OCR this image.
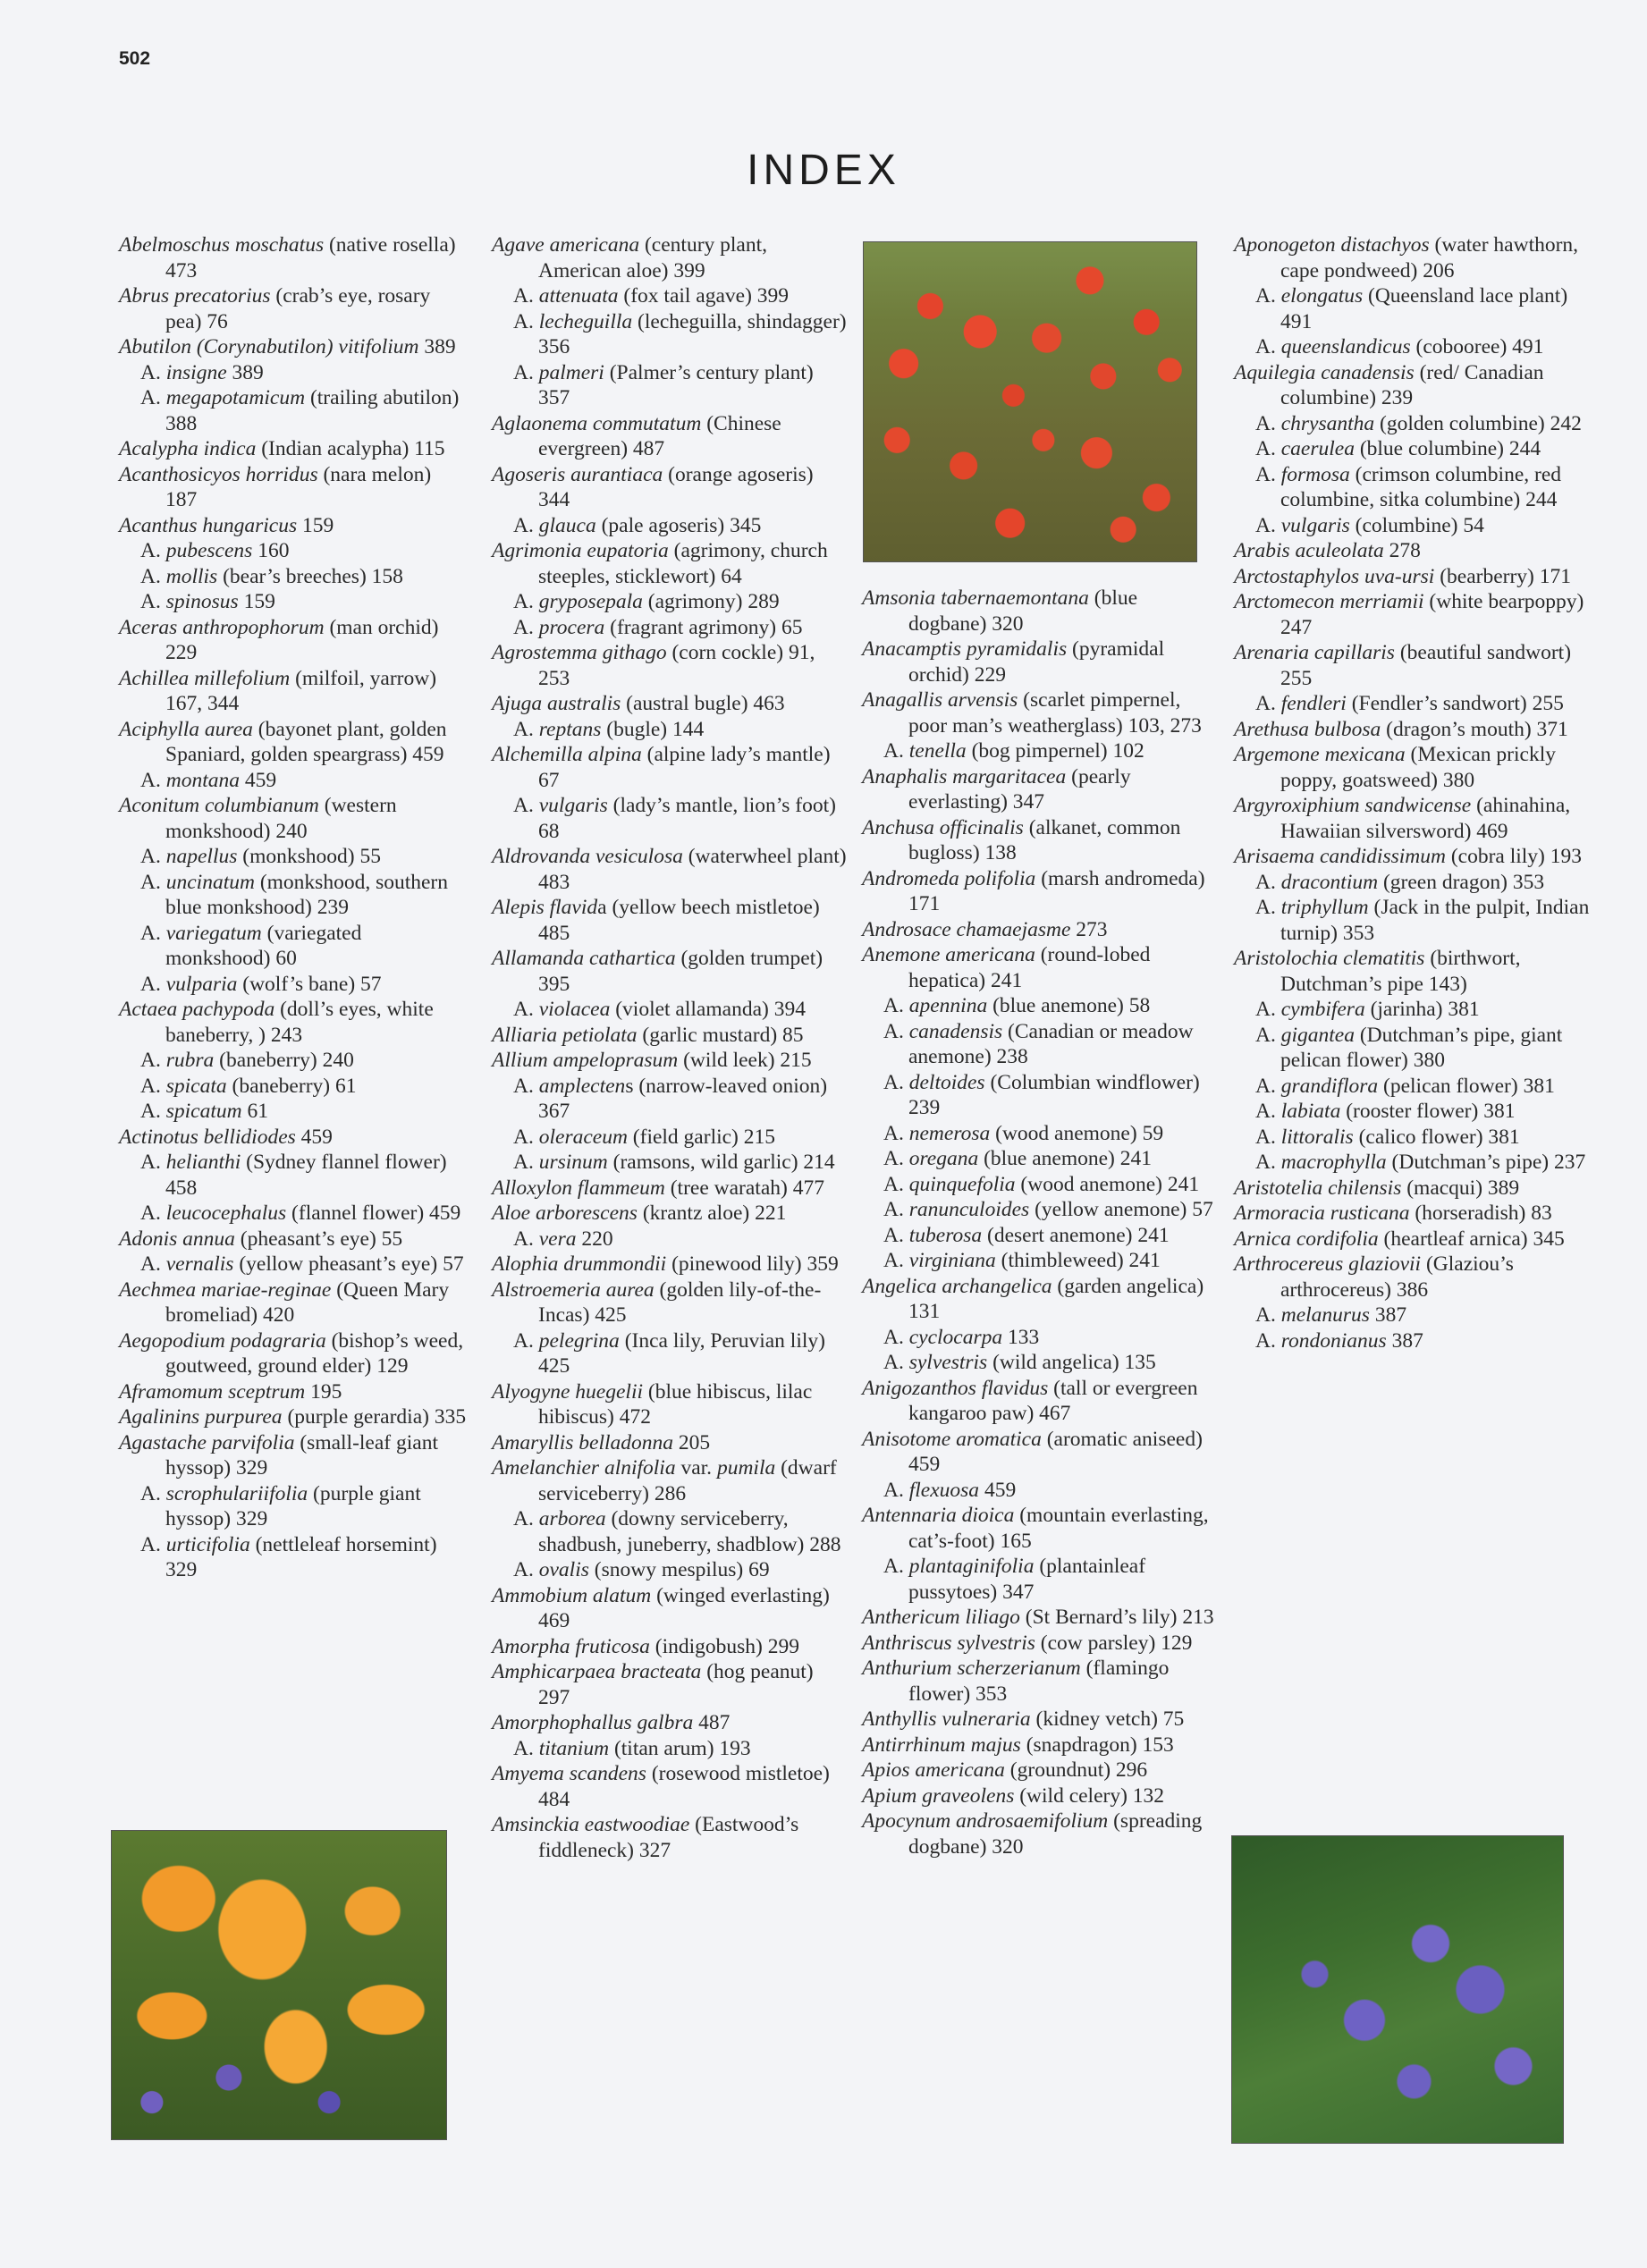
502
INDEX
Abelmoschus moschatus (native rosella) 473
Abrus precatorius (crab’s eye, rosary pea) 76
Abutilon (Corynabutilon) vitifolium 389
A. insigne 389
A. megapotamicum (trailing abutilon) 388
Acalypha indica (Indian acalypha) 115
Acanthosicyos horridus (nara melon) 187
Acanthus hungaricus 159
A. pubescens 160
A. mollis (bear’s breeches) 158
A. spinosus 159
Aceras anthropophorum (man orchid) 229
Achillea millefolium (milfoil, yarrow) 167, 344
Aciphylla aurea (bayonet plant, golden Spaniard, golden speargrass) 459
A. montana 459
Aconitum columbianum (western monkshood) 240
A. napellus (monkshood) 55
A. uncinatum (monkshood, southern blue monkshood) 239
A. variegatum (variegated monkshood) 60
A. vulparia (wolf’s bane) 57
Actaea pachypoda (doll’s eyes, white baneberry, ) 243
A. rubra (baneberry) 240
A. spicata (baneberry) 61
A. spicatum 61
Actinotus bellidiodes 459
A. helianthi (Sydney flannel flower) 458
A. leucocephalus (flannel flower) 459
Adonis annua (pheasant’s eye) 55
A. vernalis (yellow pheasant’s eye) 57
Aechmea mariae-reginae (Queen Mary bromeliad) 420
Aegopodium podagraria (bishop’s weed, goutweed, ground elder) 129
Aframomum sceptrum 195
Agalinins purpurea (purple gerardia) 335
Agastache parvifolia (small-leaf giant hyssop) 329
A. scrophulariifolia (purple giant hyssop) 329
A. urticifolia (nettleleaf horsemint) 329
Agave americana (century plant, American aloe) 399
A. attenuata (fox tail agave) 399
A. lecheguilla (lecheguilla, shindagger) 356
A. palmeri (Palmer’s century plant) 357
Aglaonema commutatum (Chinese evergreen) 487
Agoseris aurantiaca (orange agoseris) 344
A. glauca (pale agoseris) 345
Agrimonia eupatoria (agrimony, church steeples, sticklewort) 64
A. gryposepala (agrimony) 289
A. procera (fragrant agrimony) 65
Agrostemma githago (corn cockle) 91, 253
Ajuga australis (austral bugle) 463
A. reptans (bugle) 144
Alchemilla alpina (alpine lady’s mantle) 67
A. vulgaris (lady’s mantle, lion’s foot) 68
Aldrovanda vesiculosa (waterwheel plant) 483
Alepis flavida (yellow beech mistletoe) 485
Allamanda cathartica (golden trumpet) 395
A. violacea (violet allamanda) 394
Alliaria petiolata (garlic mustard) 85
Allium ampeloprasum (wild leek) 215
A. amplectens (narrow-leaved onion) 367
A. oleraceum (field garlic) 215
A. ursinum (ramsons, wild garlic) 214
Alloxylon flammeum (tree waratah) 477
Aloe arborescens (krantz aloe) 221
A. vera 220
Alophia drummondii (pinewood lily) 359
Alstroemeria aurea (golden lily-of-the-Incas) 425
A. pelegrina (Inca lily, Peruvian lily) 425
Alyogyne huegelii (blue hibiscus, lilac hibiscus) 472
Amaryllis belladonna 205
Amelanchier alnifolia var. pumila (dwarf serviceberry) 286
A. arborea (downy serviceberry, shadbush, juneberry, shadblow) 288
A. ovalis (snowy mespilus) 69
Ammobium alatum (winged everlasting) 469
Amorpha fruticosa (indigobush) 299
Amphicarpaea bracteata (hog peanut) 297
Amorphophallus galbra 487
A. titanium (titan arum) 193
Amyema scandens (rosewood mistletoe) 484
Amsinckia eastwoodiae (Eastwood’s fiddleneck) 327
Amsonia tabernaemontana (blue dogbane) 320
Anacamptis pyramidalis (pyramidal orchid) 229
Anagallis arvensis (scarlet pimpernel, poor man’s weatherglass) 103, 273
A. tenella (bog pimpernel) 102
Anaphalis margaritacea (pearly everlasting) 347
Anchusa officinalis (alkanet, common bugloss) 138
Andromeda polifolia (marsh andromeda) 171
Androsace chamaejasme 273
Anemone americana (round-lobed hepatica) 241
A. apennina (blue anemone) 58
A. canadensis (Canadian or meadow anemone) 238
A. deltoides (Columbian windflower) 239
A. nemerosa (wood anemone) 59
A. oregana (blue anemone) 241
A. quinquefolia (wood anemone) 241
A. ranunculoides (yellow anemone) 57
A. tuberosa (desert anemone) 241
A. virginiana (thimbleweed) 241
Angelica archangelica (garden angelica) 131
A. cyclocarpa 133
A. sylvestris (wild angelica) 135
Anigozanthos flavidus (tall or evergreen kangaroo paw) 467
Anisotome aromatica (aromatic aniseed) 459
A. flexuosa 459
Antennaria dioica (mountain everlasting, cat’s-foot) 165
A. plantaginifolia (plantainleaf pussytoes) 347
Anthericum liliago (St Bernard’s lily) 213
Anthriscus sylvestris (cow parsley) 129
Anthurium scherzerianum (flamingo flower) 353
Anthyllis vulneraria (kidney vetch) 75
Antirrhinum majus (snapdragon) 153
Apios americana (groundnut) 296
Apium graveolens (wild celery) 132
Apocynum androsaemifolium (spreading dogbane) 320
Aponogeton distachyos (water hawthorn, cape pondweed) 206
A. elongatus (Queensland lace plant) 491
A. queenslandicus (cobooree) 491
Aquilegia canadensis (red/ Canadian columbine) 239
A. chrysantha (golden columbine) 242
A. caerulea (blue columbine) 244
A. formosa (crimson columbine, red columbine, sitka columbine) 244
A. vulgaris (columbine) 54
Arabis aculeolata 278
Arctostaphylos uva-ursi (bearberry) 171
Arctomecon merriamii (white bearpoppy) 247
Arenaria capillaris (beautiful sandwort) 255
A. fendleri (Fendler’s sandwort) 255
Arethusa bulbosa (dragon’s mouth) 371
Argemone mexicana (Mexican prickly poppy, goatsweed) 380
Argyroxiphium sandwicense (ahinahina, Hawaiian silversword) 469
Arisaema candidissimum (cobra lily) 193
A. dracontium (green dragon) 353
A. triphyllum (Jack in the pulpit, Indian turnip) 353
Aristolochia clematitis (birthwort, Dutchman’s pipe 143)
A. cymbifera (jarinha) 381
A. gigantea (Dutchman’s pipe, giant pelican flower) 380
A. grandiflora (pelican flower) 381
A. labiata (rooster flower) 381
A. littoralis (calico flower) 381
A. macrophylla (Dutchman’s pipe) 237
Aristotelia chilensis (macqui) 389
Armoracia rusticana (horseradish) 83
Arnica cordifolia (heartleaf arnica) 345
Arthrocereus glaziovii (Glaziou’s arthrocereus) 386
A. melanurus 387
A. rondonianus 387
